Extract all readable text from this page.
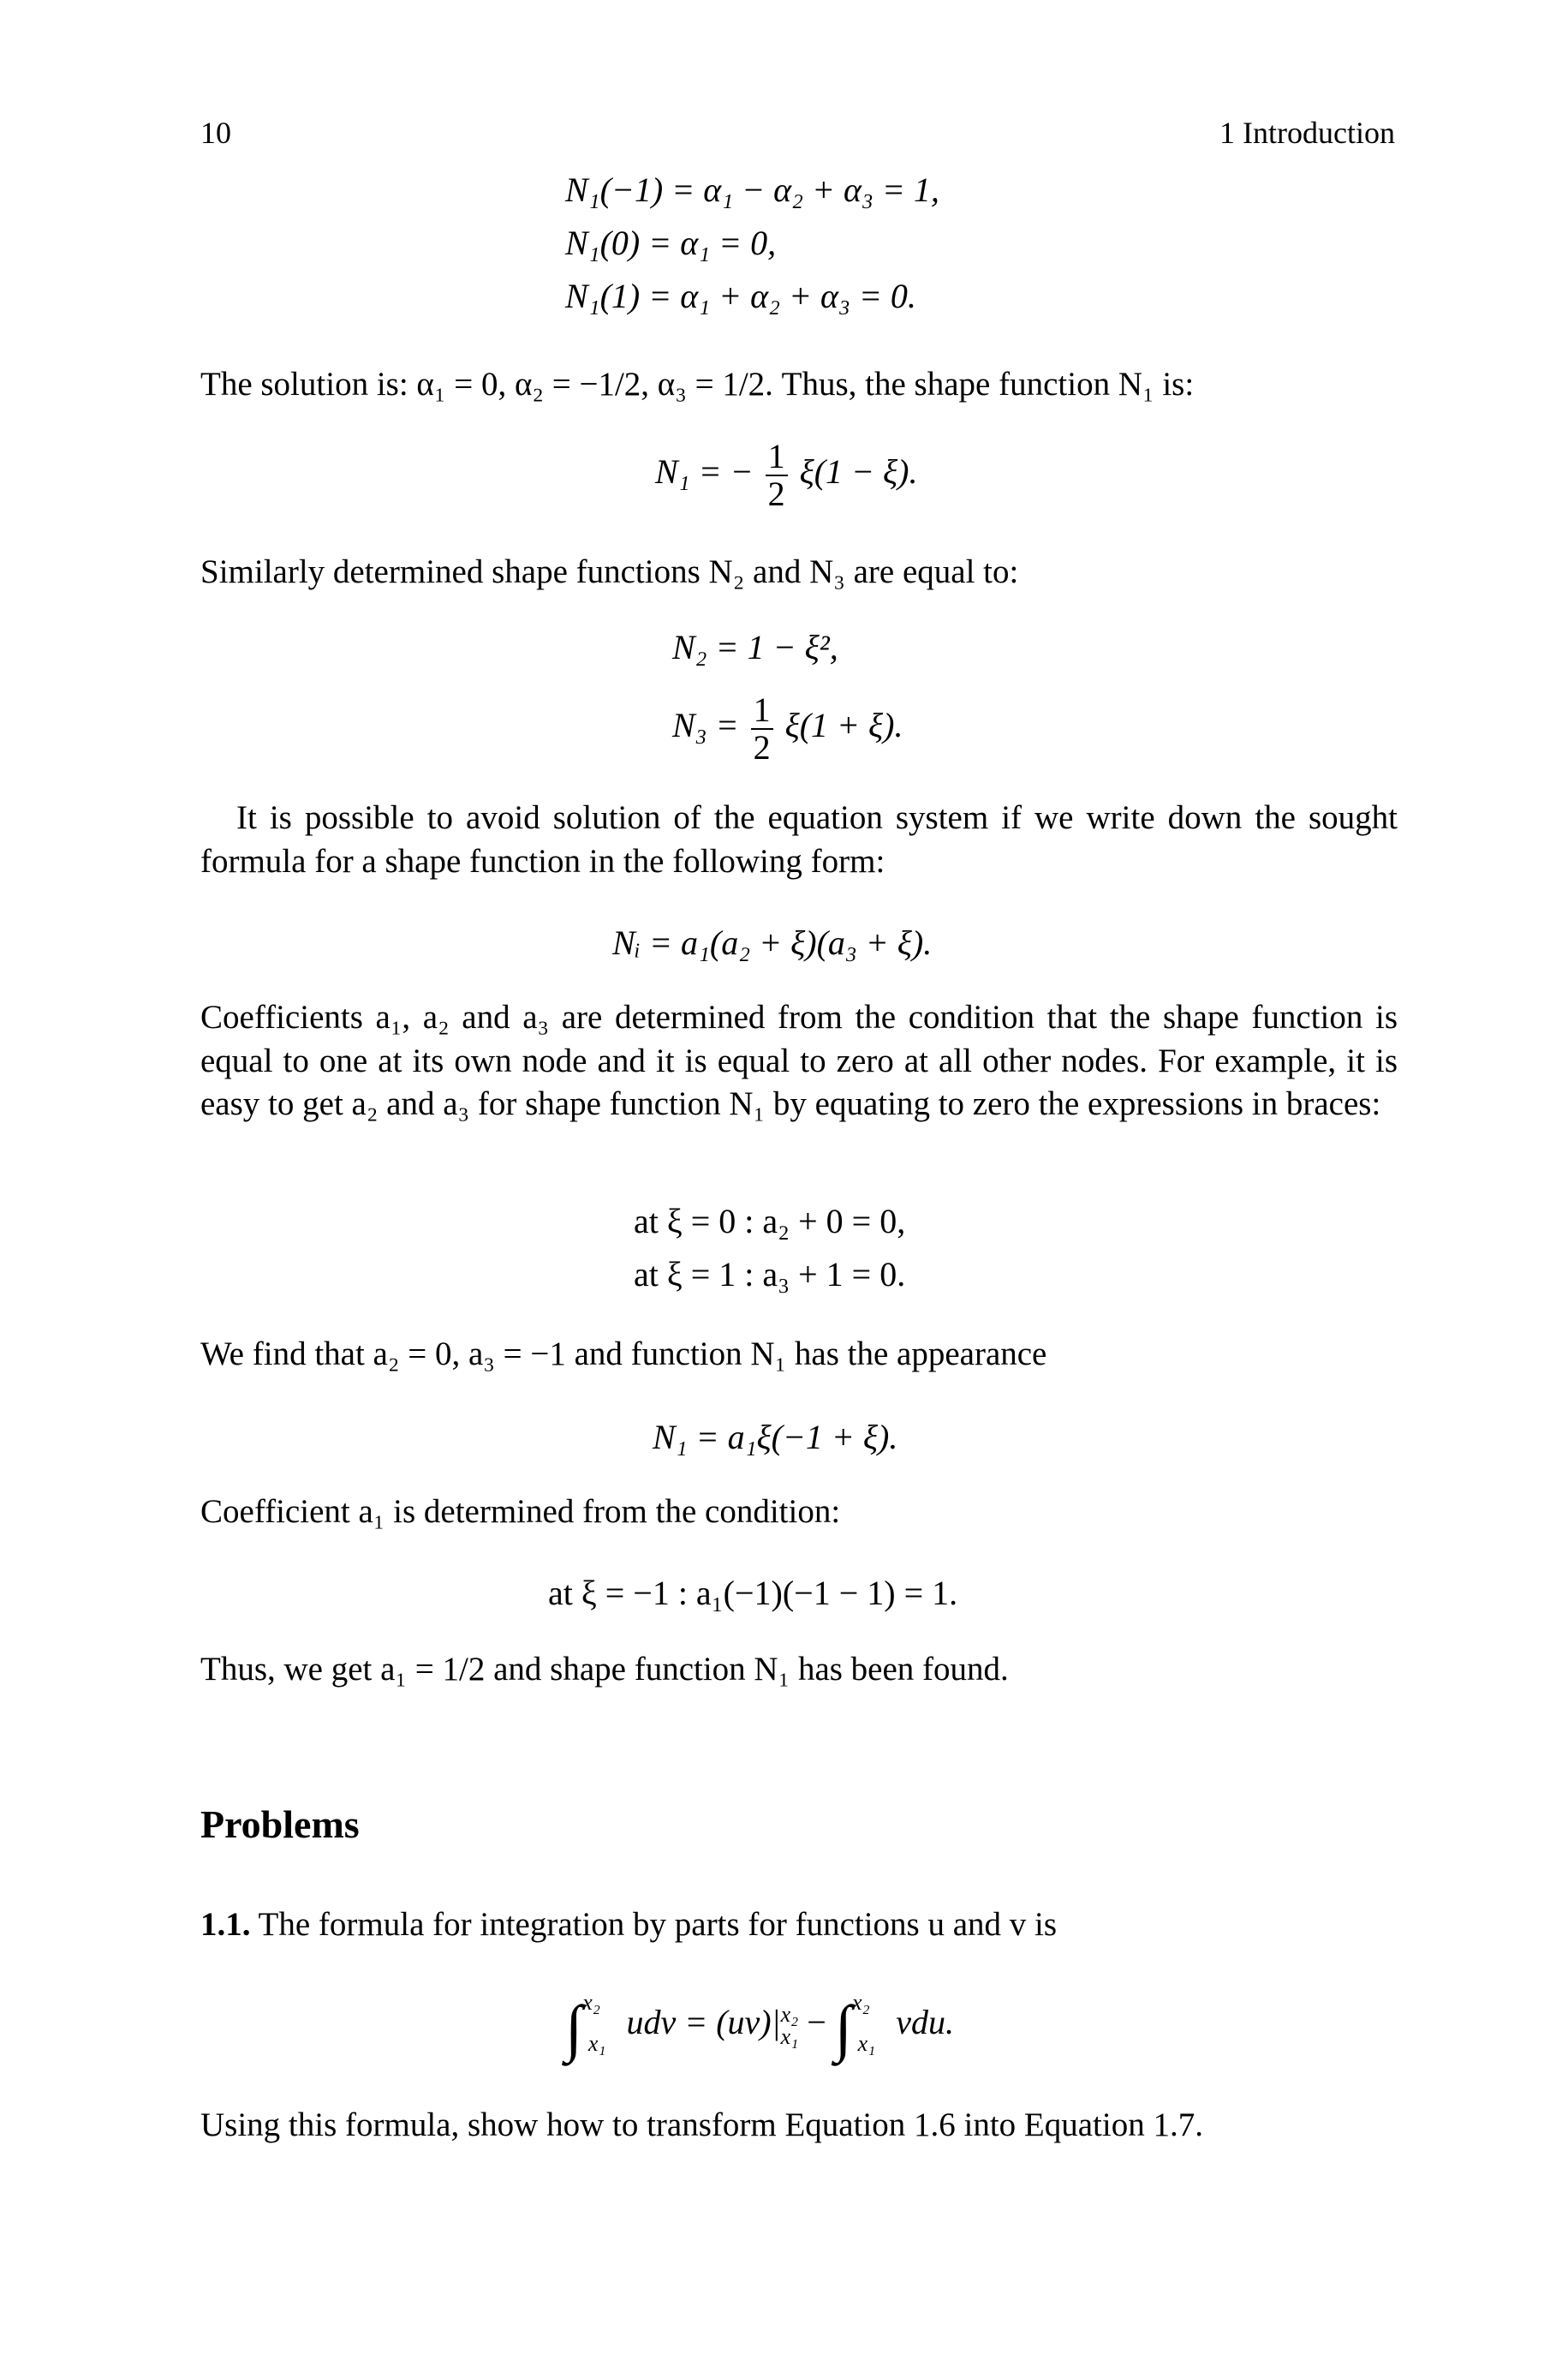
10	1 Introduction
N₁(−1) = α₁ − α₂ + α₃ = 1,
N₁(0) = α₁ = 0,
N₁(1) = α₁ + α₂ + α₃ = 0.

The solution is: α₁ = 0, α₂ = −1/2, α₃ = 1/2. Thus, the shape function N₁ is:

N₁ = − $\frac{1}{2} \xi(1 - \xi)$.

Similarly determined shape functions N₂ and N₃ are equal to:

N₂ = 1 − ξ²,
$N_3 = \frac{1}{2} \xi(1 + \xi)$.

It is possible to avoid solution of the equation system if we write down the sought formula for a shape function in the following form:

Nᵢ = a₁(a₂ + ξ)(a₃ + ξ).

Coefficients a₁, a₂ and a₃ are determined from the condition that the shape function is equal to one at its own node and it is equal to zero at all other nodes. For example, it is easy to get a₂ and a₃ for shape function N₁ by equating to zero the expressions in braces:

at ξ = 0 : a₂ + 0 = 0,
at ξ = 1 : a₃ + 1 = 0.

We find that a₂ = 0, a₃ = −1 and function N₁ has the appearance

N₁ = a₁ξ(−1 + ξ).

Coefficient a₁ is determined from the condition:

at ξ = −1 : a₁(−1)(−1 − 1) = 1.

Thus, we get a₁ = 1/2 and shape function N₁ has been found.

Problems

1.1. The formula for integration by parts for functions u and v is

∫$^{x_2}_{x_1}$ udv = (uv)| x₂
x₁ − ∫$^{x_2}_{x_1}$ vdu.

Using this formula, show how to transform Equation 1.6 into Equation 1.7.
